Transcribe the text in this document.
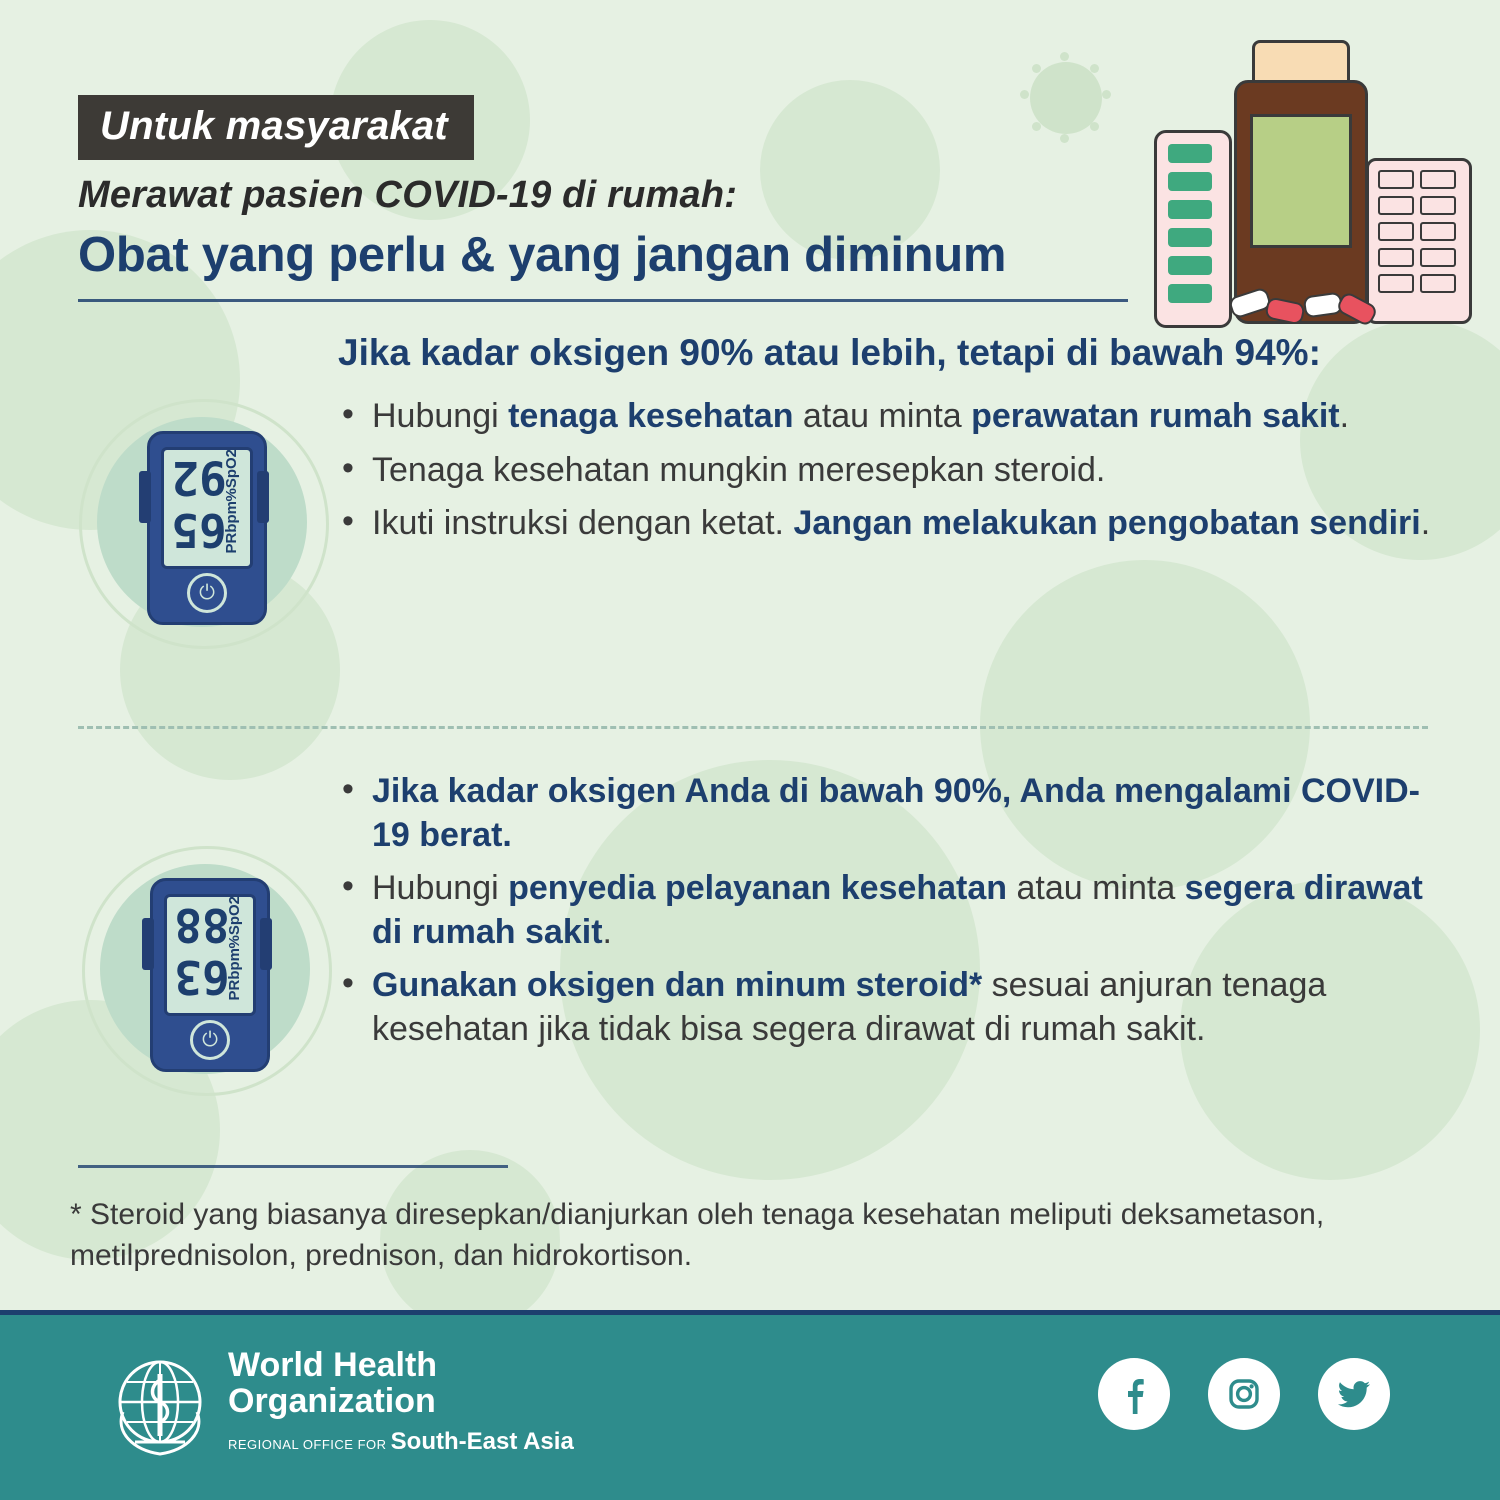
Untuk masyarakat
Merawat pasien COVID-19 di rumah:
Obat yang perlu & yang jangan diminum
92
%SpO2
65
PRbpm
⏻
Jika kadar oksigen 90% atau lebih, tetapi di bawah 94%:
• Hubungi tenaga kesehatan atau minta perawatan rumah sakit.
• Tenaga kesehatan mungkin meresepkan steroid.
• Ikuti instruksi dengan ketat. Jangan melakukan pengobatan sendiri.
88
%SpO2
63
PRbpm
⏻
• Jika kadar oksigen Anda di bawah 90%, Anda mengalami COVID-19 berat.
• Hubungi penyedia pelayanan kesehatan atau minta segera dirawat di rumah sakit.
• Gunakan oksigen dan minum steroid* sesuai anjuran tenaga kesehatan jika tidak bisa segera dirawat di rumah sakit.
* Steroid yang biasanya diresepkan/dianjurkan oleh tenaga kesehatan meliputi deksametason, metilprednisolon, prednison, dan hidrokortison.
World Health
Organization
REGIONAL OFFICE FOR South-East Asia
